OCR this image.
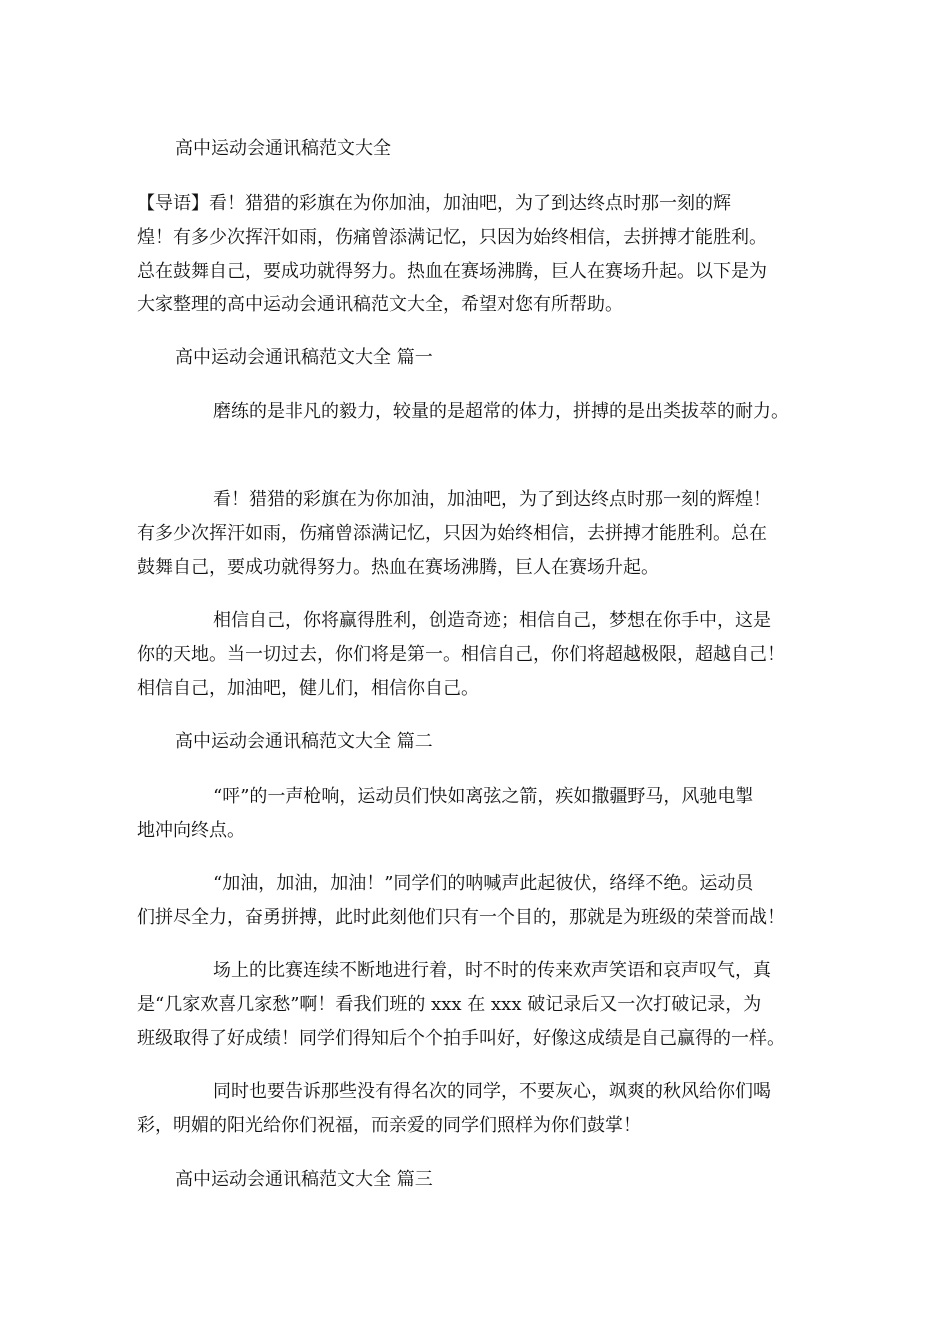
高中运动会通讯稿范文大全

【导语】看！猎猎的彩旗在为你加油，加油吧，为了到达终点时那一刻的辉

煌！有多少次挥汗如雨，伤痛曾添满记忆，只因为始终相信，去拼搏才能胜利。

总在鼓舞自己，要成功就得努力。热血在赛场沸腾，巨人在赛场升起。以下是为

大家整理的高中运动会通讯稿范文大全，希望对您有所帮助。

高中运动会通讯稿范文大全 篇一

磨练的是非凡的毅力，较量的是超常的体力，拼搏的是出类拔萃的耐力。

看！猎猎的彩旗在为你加油，加油吧，为了到达终点时那一刻的辉煌！

有多少次挥汗如雨，伤痛曾添满记忆，只因为始终相信，去拼搏才能胜利。总在

鼓舞自己，要成功就得努力。热血在赛场沸腾，巨人在赛场升起。

相信自己，你将赢得胜利，创造奇迹；相信自己，梦想在你手中，这是

你的天地。当一切过去，你们将是第一。相信自己，你们将超越极限，超越自己！

相信自己，加油吧，健儿们，相信你自己。

高中运动会通讯稿范文大全 篇二

“呯”的一声枪响，运动员们快如离弦之箭，疾如撒疆野马，风驰电掣

地冲向终点。

“加油，加油，加油！”同学们的呐喊声此起彼伏，络绎不绝。运动员

们拼尽全力，奋勇拼搏，此时此刻他们只有一个目的，那就是为班级的荣誉而战！

场上的比赛连续不断地进行着，时不时的传来欢声笑语和哀声叹气，真

是“几家欢喜几家愁”啊！看我们班的 xxx 在 xxx 破记录后又一次打破记录，为

班级取得了好成绩！同学们得知后个个拍手叫好，好像这成绩是自己赢得的一样。

同时也要告诉那些没有得名次的同学，不要灰心，飒爽的秋风给你们喝

彩，明媚的阳光给你们祝福，而亲爱的同学们照样为你们鼓掌！

高中运动会通讯稿范文大全 篇三
